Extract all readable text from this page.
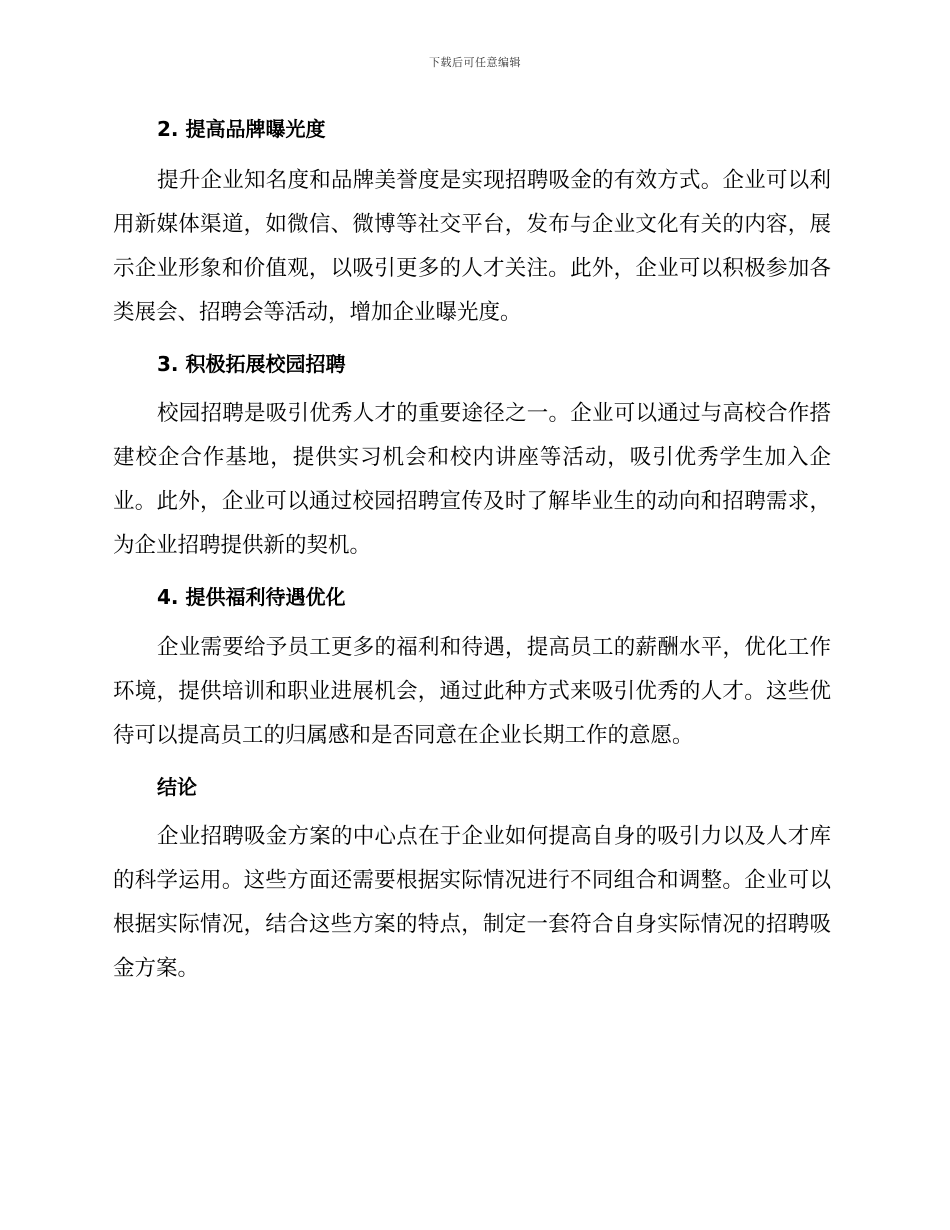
下载后可任意编辑
2. 提高品牌曝光度

提升企业知名度和品牌美誉度是实现招聘吸金的有效方式。企业可以利用新媒体渠道，如微信、微博等社交平台，发布与企业文化有关的内容，展示企业形象和价值观，以吸引更多的人才关注。此外，企业可以积极参加各类展会、招聘会等活动，增加企业曝光度。

3. 积极拓展校园招聘

校园招聘是吸引优秀人才的重要途径之一。企业可以通过与高校合作搭建校企合作基地，提供实习机会和校内讲座等活动，吸引优秀学生加入企业。此外，企业可以通过校园招聘宣传及时了解毕业生的动向和招聘需求，为企业招聘提供新的契机。

4. 提供福利待遇优化

企业需要给予员工更多的福利和待遇，提高员工的薪酬水平，优化工作环境，提供培训和职业进展机会，通过此种方式来吸引优秀的人才。这些优待可以提高员工的归属感和是否同意在企业长期工作的意愿。

结论

企业招聘吸金方案的中心点在于企业如何提高自身的吸引力以及人才库的科学运用。这些方面还需要根据实际情况进行不同组合和调整。企业可以根据实际情况，结合这些方案的特点，制定一套符合自身实际情况的招聘吸金方案。
